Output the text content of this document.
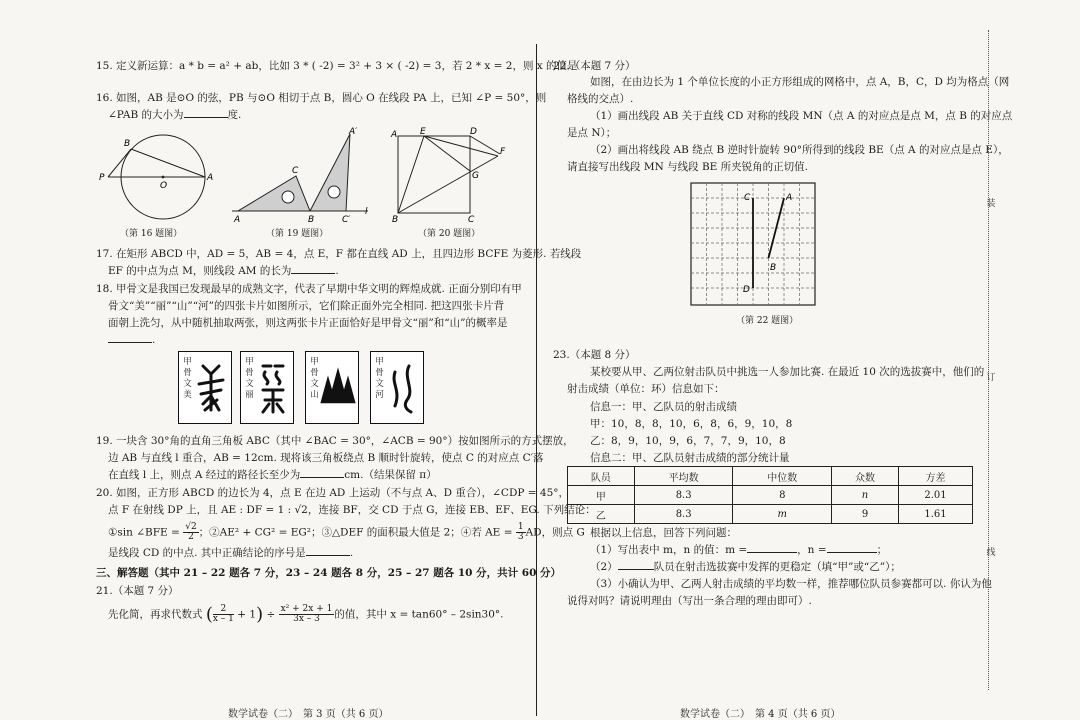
15. 定义新运算：a * b = a² + ab，比如 3 * ( -2) = 3² + 3 × ( -2) = 3，若 2 * x = 2，则 x 的值是
16. 如图，AB 是⊙O 的弦，PB 与⊙O 相切于点 B，圆心 O 在线段 PA 上，已知 ∠P = 50°，则
∠PAB 的大小为	度.
B
P
O
A
（第 16 题图）
A′
C
A	B	C′
l
（第 19 题图）
A	E	D
F
G
B	C
（第 20 题图）
17. 在矩形 ABCD 中，AD = 5，AB = 4，点 E，F 都在直线 AD 上，且四边形 BCFE 为菱形. 若线段
EF 的中点为点 M，则线段 AM 的长为	.
18. 甲骨文是我国已发现最早的成熟文字，代表了早期中华文明的辉煌成就. 正面分别印有甲
骨文“美”“丽”“山”“河”的四张卡片如图所示，它们除正面外完全相同. 把这四张卡片背
面朝上洗匀，从中随机抽取两张，则这两张卡片正面恰好是甲骨文“丽”和“山”的概率是
.
甲骨文美
甲骨文丽
甲骨文山
甲骨文河
19. 一块含 30°角的直角三角板 ABC（其中 ∠BAC = 30°，∠ACB = 90°）按如图所示的方式摆放，
边 AB 与直线 l 重合，AB = 12cm. 现将该三角板绕点 B 顺时针旋转，使点 C 的对应点 C′落
在直线 l 上，则点 A 经过的路径长至少为	cm.（结果保留 π）
20. 如图，正方形 ABCD 的边长为 4，点 E 在边 AD 上运动（不与点 A、D 重合），∠CDP = 45°，
点 F 在射线 DP 上，且 AE : DF = 1 : √2，连接 BF，交 CD 于点 G，连接 EB、EF、EG. 下列结论：
①sin ∠BFE = $\frac{√2}{2}$ ；②AE² + CG² = EG²；③△DEF 的面积最大值是 2；④若 AE = $\frac{1}{3}$ AD，则点 G
是线段 CD 的中点. 其中正确结论的序号是	.
三、解答题（其中 21 – 22 题各 7 分，23 – 24 题各 8 分，25 – 27 题各 10 分，共计 60 分）
21.（本题 7 分）
先化简，再求代数式 ( $\frac{2}{x - 1} + 1) \div \frac{\text{x² + 2x + 1}}{3x - 3}$ 的值，其中 x = tan60° – 2sin30°.
数学试卷（二）　第 3 页（共 6 页）
22.（本题 7 分）
如图，在由边长为 1 个单位长度的小正方形组成的网格中，点 A，B，C，D 均为格点（网
格线的交点）.
（1）画出线段 AB 关于直线 CD 对称的线段 MN（点 A 的对应点是点 M，点 B 的对应点
是点 N）；
（2）画出将线段 AB 绕点 B 逆时针旋转 90°所得到的线段 BE（点 A 的对应点是点 E），
请直接写出线段 MN 与线段 BE 所夹锐角的正切值.
C	A
B
D
（第 22 题图）
23.（本题 8 分）
某校要从甲、乙两位射击队员中挑选一人参加比赛. 在最近 10 次的选拔赛中，他们的
射击成绩（单位：环）信息如下：
信息一：甲、乙队员的射击成绩
甲：10，8，8，10，6，8，6，9，10，8
乙：8，9，10，9，6，7，7，9，10，8
信息二：甲、乙队员射击成绩的部分统计量
队员	平均数	中位数	众数	方差
甲	8.3	8	n	2.01
乙	8.3	m	9	1.61
根据以上信息，回答下列问题：
（1）写出表中 m，n 的值：m =	，n =	；
（2）	队员在射击选拔赛中发挥的更稳定（填“甲”或“乙”）；
（3）小确认为甲、乙两人射击成绩的平均数一样，推荐哪位队员参赛都可以. 你认为他
说得对吗？请说明理由（写出一条合理的理由即可）.
数学试卷（二）　第 4 页（共 6 页）
装
订
线
